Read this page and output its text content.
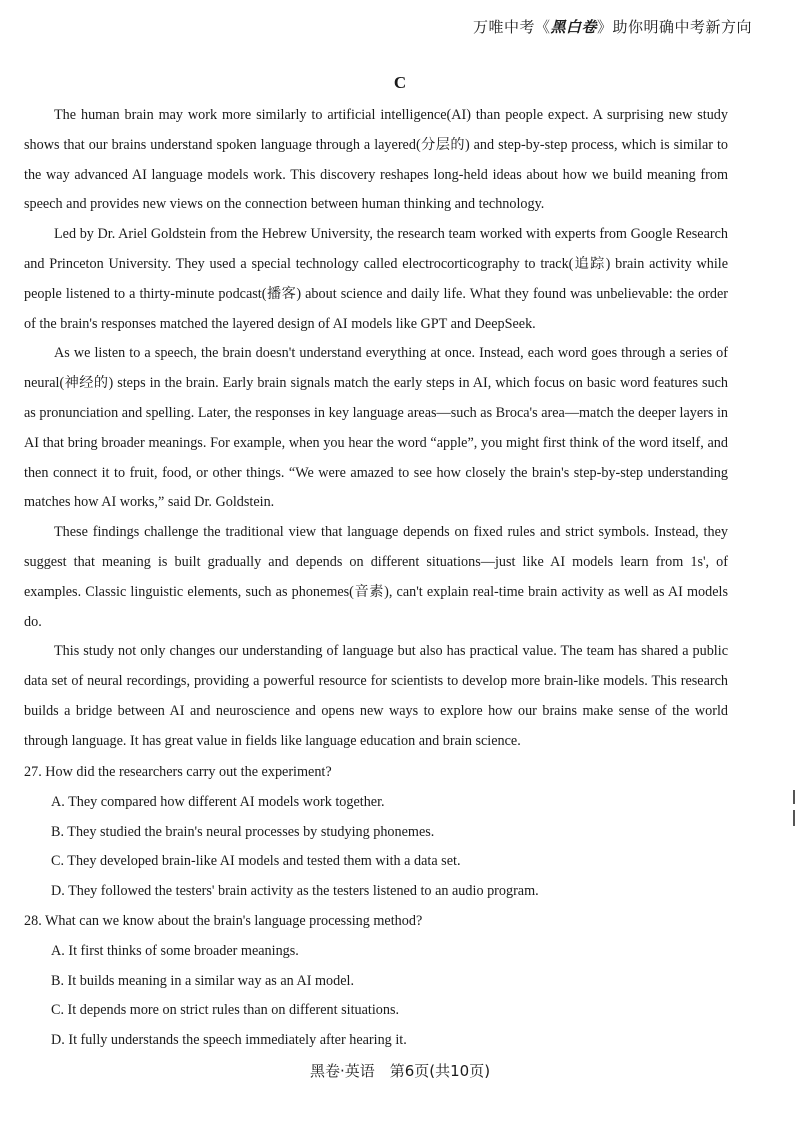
万唯中考《黑白卷》助你明确中考新方向
C

The human brain may work more similarly to artificial intelligence(AI) than people expect. A surprising new study shows that our brains understand spoken language through a layered(分层的) and step-by-step process, which is similar to the way advanced AI language models work. This discovery reshapes long-held ideas about how we build meaning from speech and provides new views on the connection between human thinking and technology.

Led by Dr. Ariel Goldstein from the Hebrew University, the research team worked with experts from Google Research and Princeton University. They used a special technology called electrocorticography to track(追踪) brain activity while people listened to a thirty-minute podcast(播客) about science and daily life. What they found was unbelievable: the order of the brain's responses matched the layered design of AI models like GPT and DeepSeek.

As we listen to a speech, the brain doesn't understand everything at once. Instead, each word goes through a series of neural(神经的) steps in the brain. Early brain signals match the early steps in AI, which focus on basic word features such as pronunciation and spelling. Later, the responses in key language areas—such as Broca's area—match the deeper layers in AI that bring broader meanings. For example, when you hear the word “apple”, you might first think of the word itself, and then connect it to fruit, food, or other things. “We were amazed to see how closely the brain's step-by-step understanding matches how AI works,” said Dr. Goldstein.

These findings challenge the traditional view that language depends on fixed rules and strict symbols. Instead, they suggest that meaning is built gradually and depends on different situations—just like AI models learn from 1s', of examples. Classic linguistic elements, such as phonemes(音素), can't explain real-time brain activity as well as AI models do.

This study not only changes our understanding of language but also has practical value. The team has shared a public data set of neural recordings, providing a powerful resource for scientists to develop more brain-like models. This research builds a bridge between AI and neuroscience and opens new ways to explore how our brains make sense of the world through language. It has great value in fields like language education and brain science.

27. How did the researchers carry out the experiment?

A. They compared how different AI models work together.

B. They studied the brain's neural processes by studying phonemes.

C. They developed brain-like AI models and tested them with a data set.

D. They followed the testers' brain activity as the testers listened to an audio program.

28. What can we know about the brain's language processing method?

A. It first thinks of some broader meanings.

B. It builds meaning in a similar way as an AI model.

C. It depends more on strict rules than on different situations.

D. It fully understands the speech immediately after hearing it.

黑卷·英语　第6页(共10页)
